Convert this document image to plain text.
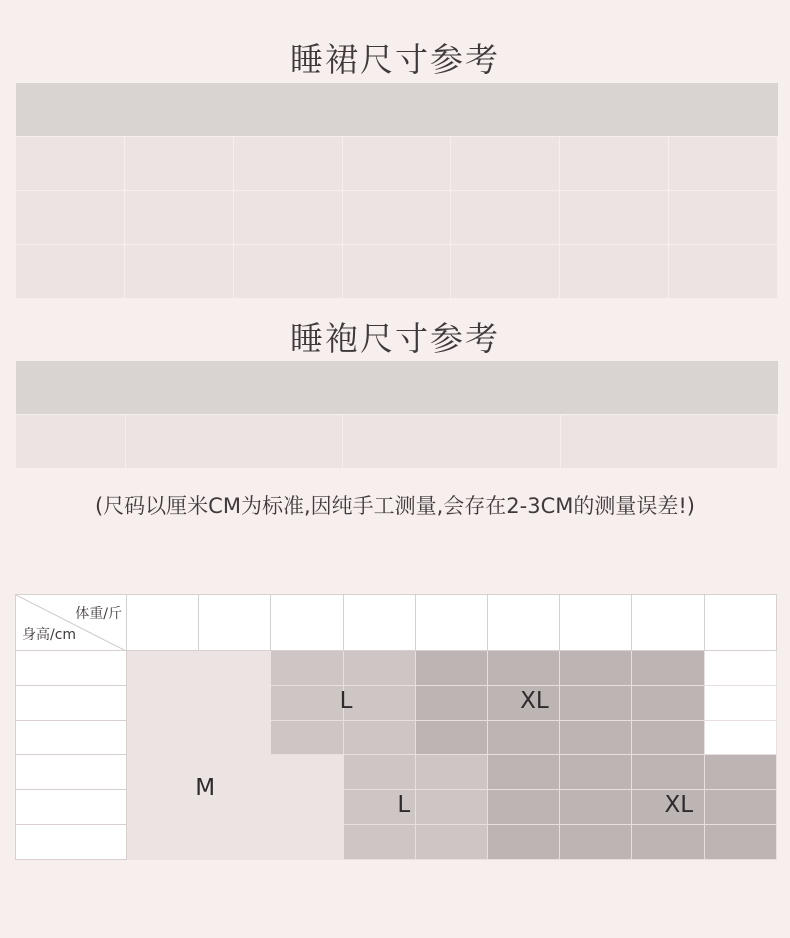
睡裙尺寸参考

睡袍尺寸参考

(尺码以厘米CM为标准,因纯手工测量,会存在2-3CM的测量误差!)
体重/斤
身高/cm
M
L	XL
L	XL
